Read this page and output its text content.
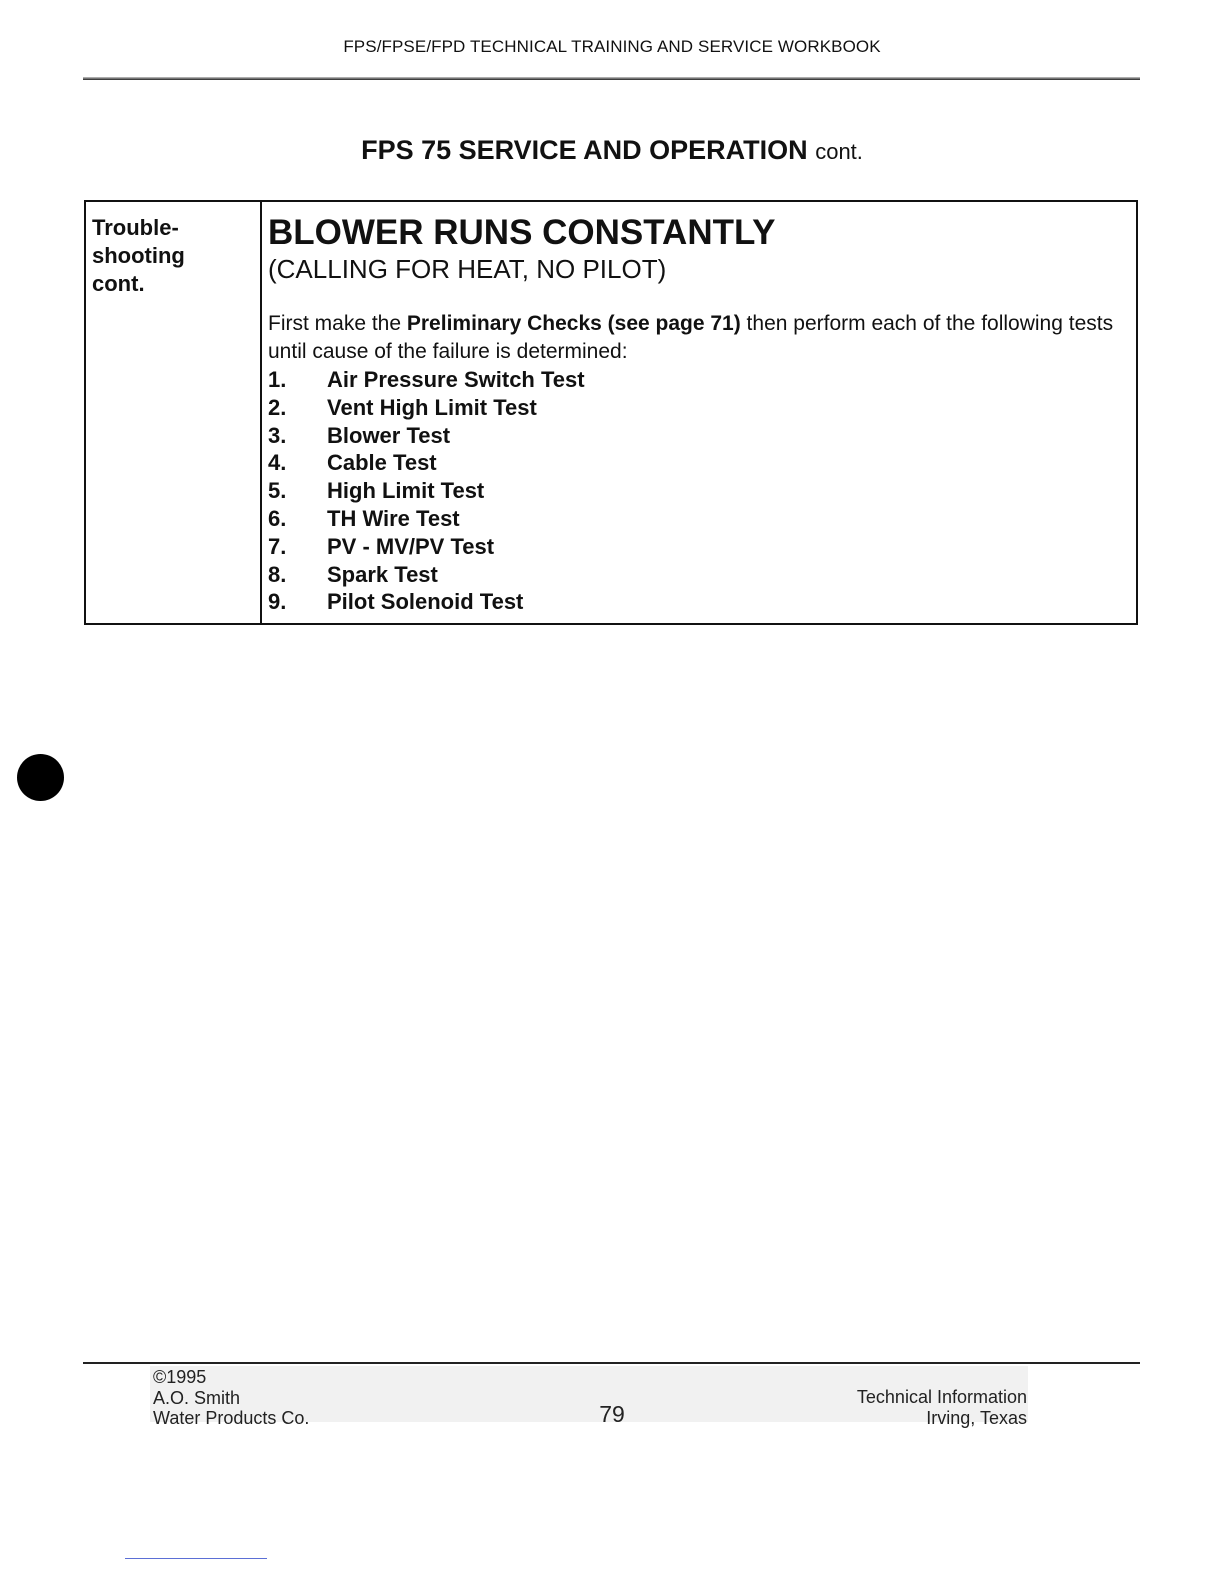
FPS/FPSE/FPD TECHNICAL TRAINING AND SERVICE WORKBOOK
FPS 75 SERVICE AND OPERATION cont.
Trouble-
shooting
cont.
BLOWER RUNS CONSTANTLY

(CALLING FOR HEAT, NO PILOT)

First make the Preliminary Checks (see page 71) then perform each of the following tests until cause of the failure is determined:

1.	Air Pressure Switch Test
2.	Vent High Limit Test
3.	Blower Test
4.	Cable Test
5.	High Limit Test
6.	TH Wire Test
7.	PV - MV/PV Test
8.	Spark Test
9.	Pilot Solenoid Test
©1995
A.O. Smith
Water Products Co.	79
Technical Information
Irving, Texas
